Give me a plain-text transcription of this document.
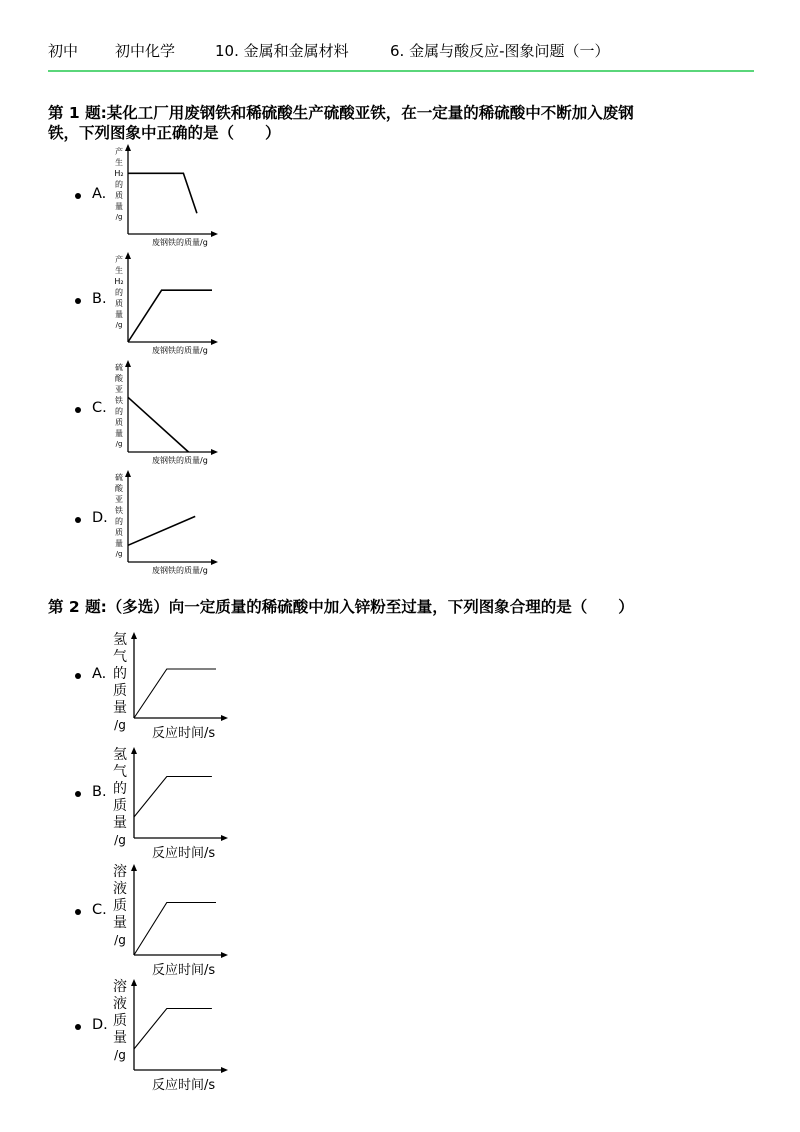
初中 初中化学	10. 金属和金属材料	6. 金属与酸反应-图象问题（一）
第 1 题:某化工厂用废钢铁和稀硫酸生产硫酸亚铁，在一定量的稀硫酸中不断加入废钢
铁，下列图象中正确的是（　　）
第 2 题:（多选）向一定质量的稀硫酸中加入锌粉至过量，下列图象合理的是（　　）
A.
产
生
H₂
的
质
量
/g
废钢铁的质量/g
B.
产
生
H₂
的
质
量
/g
废钢铁的质量/g
C.
硫
酸
亚
铁
的
质
量
/g
废钢铁的质量/g
D.
硫
酸
亚
铁
的
质
量
/g
废钢铁的质量/g
A.
氢
气
的
质
量
/g
反应时间/s
B.
氢
气
的
质
量
/g
反应时间/s
C.
溶
液
质
量
/g
反应时间/s
D.
溶
液
质
量
/g
反应时间/s
